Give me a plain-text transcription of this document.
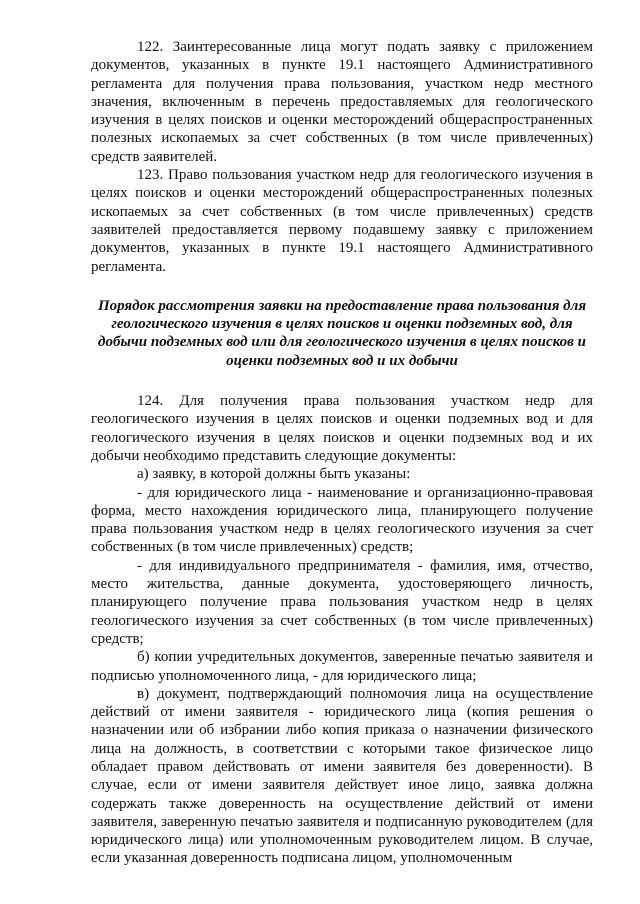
122. Заинтересованные лица могут подать заявку с приложением документов, указанных в пункте 19.1 настоящего Административного регламента для получения права пользования, участком недр местного значения, включенным в перечень предоставляемых для геологического изучения в целях поисков и оценки месторождений общераспространенных полезных ископаемых за счет собственных (в том числе привлеченных) средств заявителей.

123. Право пользования участком недр для геологического изучения в целях поисков и оценки месторождений общераспространенных полезных ископаемых за счет собственных (в том числе привлеченных) средств заявителей предоставляется первому подавшему заявку с приложением документов, указанных в пункте 19.1 настоящего Административного регламента.

Порядок рассмотрения заявки на предоставление права пользования для геологического изучения в целях поисков и оценки подземных вод, для добычи подземных вод или для геологического изучения в целях поисков и оценки подземных вод и их добычи

124. Для получения права пользования участком недр для геологического изучения в целях поисков и оценки подземных вод и для геологического изучения в целях поисков и оценки подземных вод и их добычи необходимо представить следующие документы:

а) заявку, в которой должны быть указаны:

- для юридического лица - наименование и организационно-правовая форма, место нахождения юридического лица, планирующего получение права пользования участком недр в целях геологического изучения за счет собственных (в том числе привлеченных) средств;

- для индивидуального предпринимателя - фамилия, имя, отчество, место жительства, данные документа, удостоверяющего личность, планирующего получение права пользования участком недр в целях геологического изучения за счет собственных (в том числе привлеченных) средств;

б) копии учредительных документов, заверенные печатью заявителя и подписью уполномоченного лица, - для юридического лица;

в) документ, подтверждающий полномочия лица на осуществление действий от имени заявителя - юридического лица (копия решения о назначении или об избрании либо копия приказа о назначении физического лица на должность, в соответствии с которыми такое физическое лицо обладает правом действовать от имени заявителя без доверенности). В случае, если от имени заявителя действует иное лицо, заявка должна содержать также доверенность на осуществление действий от имени заявителя, заверенную печатью заявителя и подписанную руководителем (для юридического лица) или уполномоченным руководителем лицом. В случае, если указанная доверенность подписана лицом, уполномоченным
